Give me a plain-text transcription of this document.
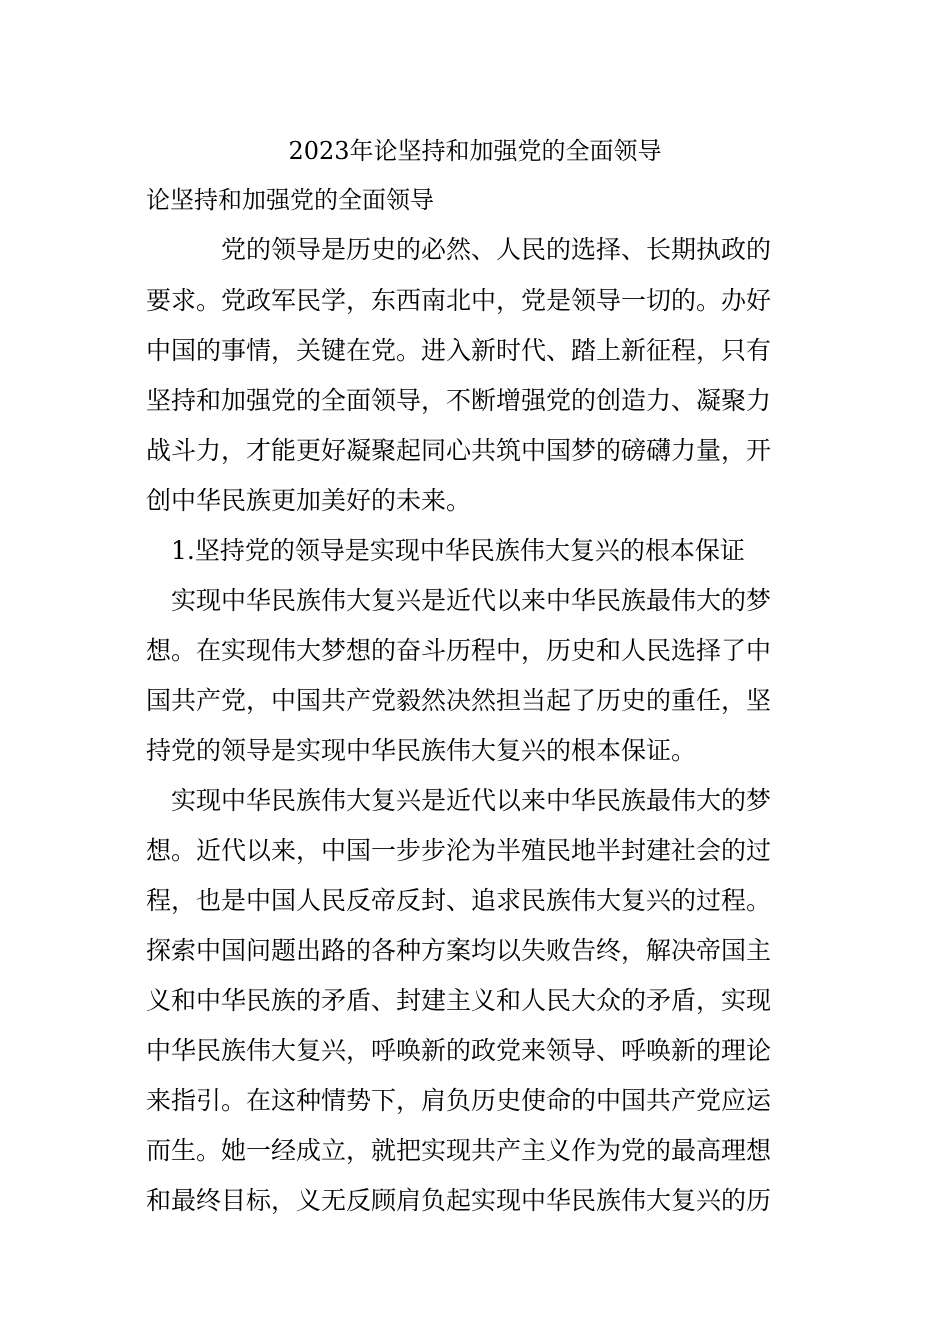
2023年论坚持和加强党的全面领导
论坚持和加强党的全面领导
　　　党的领导是历史的必然、人民的选择、长期执政的
要求。党政军民学，东西南北中，党是领导一切的。办好
中国的事情，关键在党。进入新时代、踏上新征程，只有
坚持和加强党的全面领导，不断增强党的创造力、凝聚力
战斗力，才能更好凝聚起同心共筑中国梦的磅礴力量，开
创中华民族更加美好的未来。
　1.坚持党的领导是实现中华民族伟大复兴的根本保证
　实现中华民族伟大复兴是近代以来中华民族最伟大的梦
想。在实现伟大梦想的奋斗历程中，历史和人民选择了中
国共产党，中国共产党毅然决然担当起了历史的重任，坚
持党的领导是实现中华民族伟大复兴的根本保证。
　实现中华民族伟大复兴是近代以来中华民族最伟大的梦
想。近代以来，中国一步步沦为半殖民地半封建社会的过
程，也是中国人民反帝反封、追求民族伟大复兴的过程。
探索中国问题出路的各种方案均以失败告终，解决帝国主
义和中华民族的矛盾、封建主义和人民大众的矛盾，实现
中华民族伟大复兴，呼唤新的政党来领导、呼唤新的理论
来指引。在这种情势下，肩负历史使命的中国共产党应运
而生。她一经成立，就把实现共产主义作为党的最高理想
和最终目标，义无反顾肩负起实现中华民族伟大复兴的历
